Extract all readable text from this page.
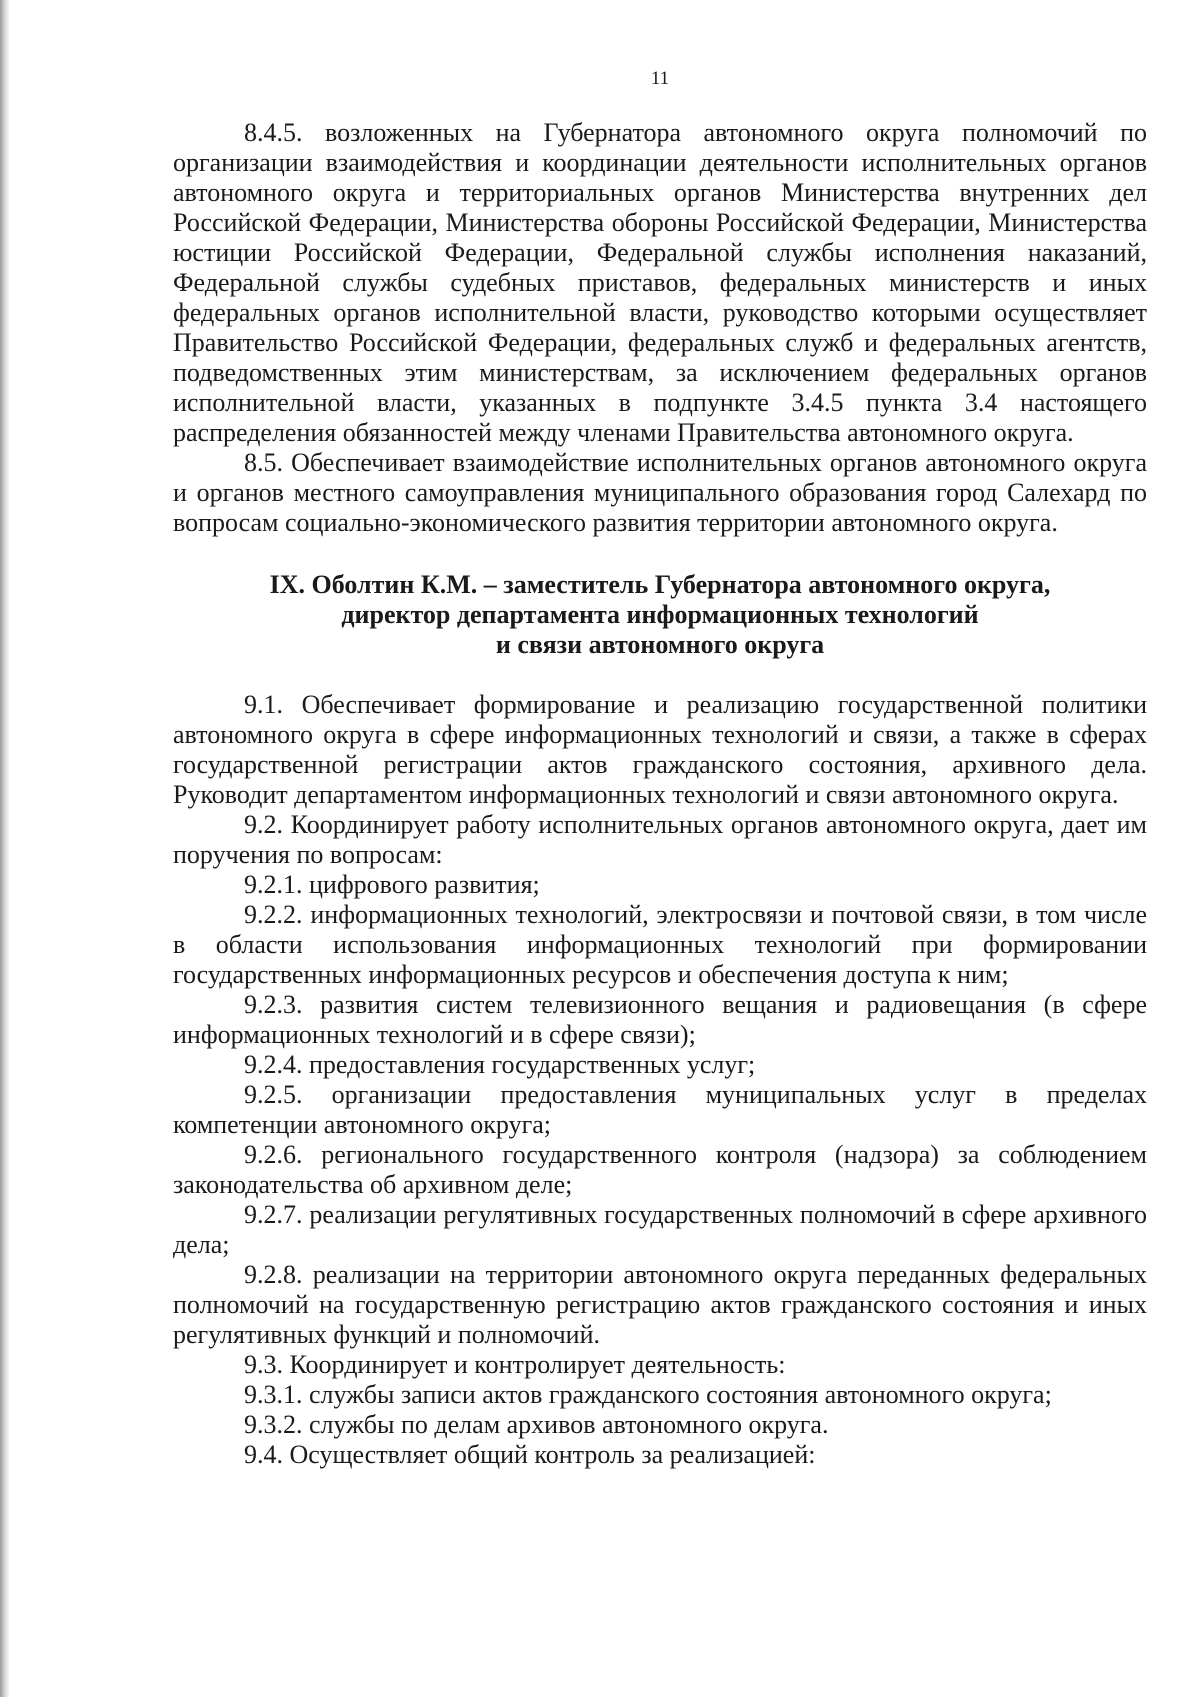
11

8.4.5. возложенных на Губернатора автономного округа полномочий по организации взаимодействия и координации деятельности исполнительных органов автономного округа и территориальных органов Министерства внутренних дел Российской Федерации, Министерства обороны Российской Федерации, Министерства юстиции Российской Федерации, Федеральной службы исполнения наказаний, Федеральной службы судебных приставов, федеральных министерств и иных федеральных органов исполнительной власти, руководство которыми осуществляет Правительство Российской Федерации, федеральных служб и федеральных агентств, подведомственных этим министерствам, за исключением федеральных органов исполнительной власти, указанных в подпункте 3.4.5 пункта 3.4 настоящего распределения обязанностей между членами Правительства автономного округа.

8.5. Обеспечивает взаимодействие исполнительных органов автономного округа и органов местного самоуправления муниципального образования город Салехард по вопросам социально-экономического развития территории автономного округа.

IX. Оболтин К.М. – заместитель Губернатора автономного округа,
директор департамента информационных технологий
и связи автономного округа

9.1. Обеспечивает формирование и реализацию государственной политики автономного округа в сфере информационных технологий и связи, а также в сферах государственной регистрации актов гражданского состояния, архивного дела. Руководит департаментом информационных технологий и связи автономного округа.

9.2. Координирует работу исполнительных органов автономного округа, дает им поручения по вопросам:

9.2.1. цифрового развития;

9.2.2. информационных технологий, электросвязи и почтовой связи, в том числе в области использования информационных технологий при формировании государственных информационных ресурсов и обеспечения доступа к ним;

9.2.3. развития систем телевизионного вещания и радиовещания (в сфере информационных технологий и в сфере связи);

9.2.4. предоставления государственных услуг;

9.2.5. организации предоставления муниципальных услуг в пределах компетенции автономного округа;

9.2.6. регионального государственного контроля (надзора) за соблюдением законодательства об архивном деле;

9.2.7. реализации регулятивных государственных полномочий в сфере архивного дела;

9.2.8. реализации на территории автономного округа переданных федеральных полномочий на государственную регистрацию актов гражданского состояния и иных регулятивных функций и полномочий.

9.3. Координирует и контролирует деятельность:

9.3.1. службы записи актов гражданского состояния автономного округа;

9.3.2. службы по делам архивов автономного округа.

9.4. Осуществляет общий контроль за реализацией:
